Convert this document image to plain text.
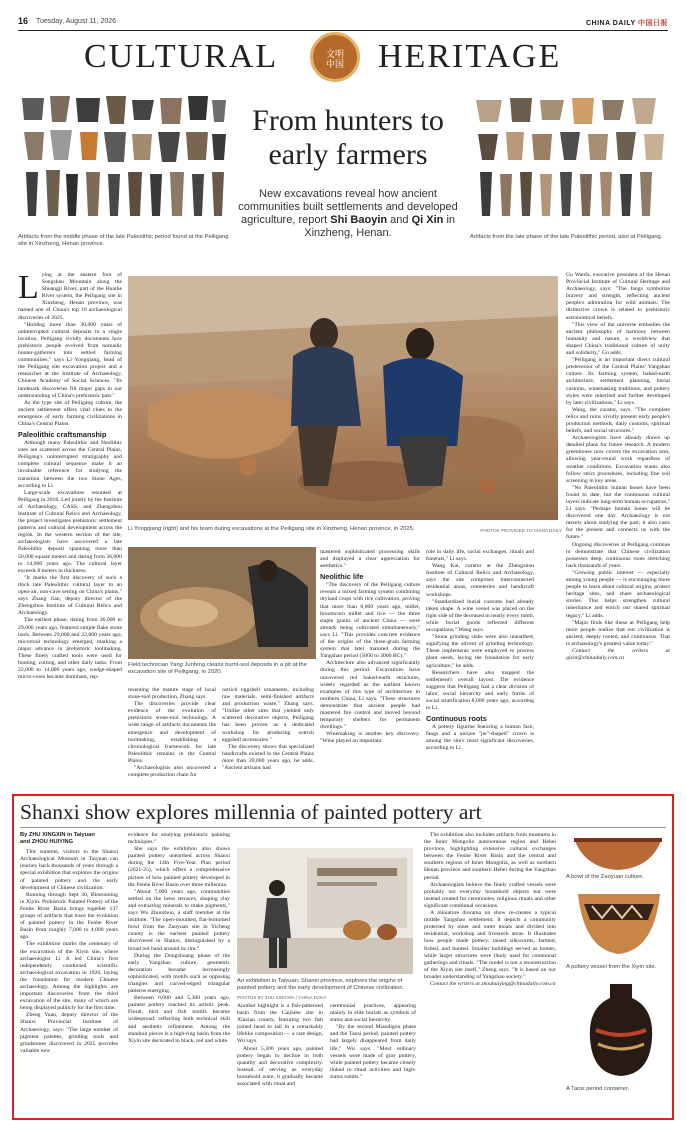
16 Tuesday, August 11, 2026	CHINA DAILY 中国日报
CULTURAL	文明
中国	HERITAGE
Artifacts from the middle phase of the late Paleolithic period found at the Peiligang site in Xinzheng, Henan province.
From hunters to early farmers
New excavations reveal how ancient communities built settlements and developed agriculture, report Shi Baoyin and Qi Xin in Xinzheng, Henan.	Artifacts from the late phase of the late Paleolithic period, also at Peiligang.
L ying at the eastern foot of Songshan Mountain along the Shuangji River, part of the Huaihe River system, the Peiligang site in Xinzheng, Henan province, was named one of China's top 10 archaeological discoveries of 2025.

"Holding more than 30,000 years of uninterrupted cultural deposits in a single location, Peiligang vividly documents how prehistoric people evolved from nomadic hunter-gatherers into settled farming communities," says Li Yongqiang, head of the Peiligang site excavation project and a researcher at the Institute of Archaeology, Chinese Academy of Social Sciences. "Its landmark discoveries fill major gaps in our understanding of China's prehistoric past."

As the type site of Peiligang culture, the ancient settlement offers vital clues to the emergence of early farming civilizations in China's Central Plains.

Paleolithic craftsmanship

Although many Paleolithic and Neolithic sites are scattered across the Central Plains, Peiligang's uninterrupted stratigraphy and complete cultural sequence make it an invaluable reference for studying the transition between the two Stone Ages, according to Li.

Large-scale excavations resumed at Peiligang in 2018. Led jointly by the Institute of Archaeology, CASS, and Zhengzhou Institute of Cultural Relics and Archaeology, the project investigates prehistoric settlement patterns and cultural development across the region. In the western section of the site, archaeologists have uncovered a late Paleolithic deposit spanning more than 50,000 square meters and dating from 36,000 to 14,000 years ago. The cultural layer exceeds 8 meters in thickness.

"It marks the first discovery of such a thick late Paleolithic cultural layer in an open-air, non-cave setting on China's plains," says Zhang Jian, deputy director of the Zhengzhou Institute of Cultural Relics and Archaeology.

The earliest phase, dating from 36,000 to 29,000 years ago, featured simple flake stone tools. Between 29,000 and 22,000 years ago, microtool technology emerged, marking a major advance in prehistoric toolmaking. These finely crafted tools were used for hunting, cutting, and other daily tasks. From 22,000 to 14,000 years ago, wedge-shaped micro-cores became dominant, rep-

Li Yongqiang (right) and his team during excavations at the Peiligang site in Xinzheng, Henan province, in 2025.	PHOTOS PROVIDED TO CHINA DAILY
Field technician Yang Junfeng cleans burnt-soil deposits in a pit at the excavation site of Peiligang, in 2020.

resenting the mature stage of local stone-tool production, Zhang says.

The discoveries provide clear evidence of the evolution of prehistoric stone-tool technology. A wide range of artifacts documents the emergence and development of toolmaking, establishing a chronological framework for late Paleolithic remains in the Central Plains.

"Archaeologists also uncovered a complete production chain for

ostrich eggshell ornaments, including raw materials, semi-finished artifacts and production waste," Zhang says. "Unlike other sites that yielded only scattered decorative objects, Peiligang has been proven as a dedicated workshop for producing ostrich eggshell accessories."

The discovery shows that specialized handicrafts existed in the Central Plains more than 20,000 years ago, he adds. "Ancient artisans had

mastered sophisticated processing skills and displayed a clear appreciation for aesthetics."

Neolithic life

"The discovery of the Peiligang culture reveals a mixed farming system combining dryland crops with rice cultivation, proving that more than 8,000 years ago, millet, broomcorn millet and rice — the three staple grains of ancient China — were already being cultivated simultaneously," says Li. "This provides concrete evidence of the origins of the three-grain farming system that later matured during the Yangshao period (5000 to 3000 BC)."

Architecture also advanced significantly during this period. Excavations have uncovered red baked-earth structures, widely regarded as the earliest known examples of this type of architecture in northern China, Li says. "These structures demonstrate that ancient people had mastered fire control and moved beyond temporary shelters for permanent dwellings."

Winemaking is another key discovery. "Wine played an important

role in daily life, social exchanges, rituals and funerals," Li says.

Wang Kai, curator at the Zhengzhou Institute of Cultural Relics and Archaeology, says the site comprises interconnected residential areas, cemeteries and handicraft workshops.

"Standardized burial customs had already taken shape. A wine vessel was placed on the right side of the deceased in nearly every tomb, while burial goods reflected different occupations," Wang says.

"Stone grinding slabs were also unearthed, signifying the advent of grinding technology. These implements were employed to process plant seeds, laying the foundation for early agriculture," he adds.

Researchers have also mapped the settlement's overall layout. The evidence suggests that Peiligang had a clear division of labor, social hierarchy and early forms of social stratification 8,000 years ago, according to Li.

Continuous roots

A pottery figurine featuring a human face, fangs and a unique "jie"-shaped" crown is among the site's most significant discoveries, according to Li.

Gu Wanfa, executive president of the Henan Provincial Institute of Cultural Heritage and Archaeology, says: "The fangs symbolize bravery and strength, reflecting ancient people's admiration for wild animals. The distinctive crown is related to prehistoric astronomical beliefs.

"This view of the universe embodies the ancient philosophy of harmony between humanity and nature, a worldview that shaped China's traditional culture of unity and solidarity," Gu adds.

"Peiligang is an important direct cultural predecessor of the Central Plains' Yangshao culture. Its farming system, baked-earth architecture, settlement planning, burial customs, winemaking traditions, and pottery styles were inherited and further developed by later civilizations," Li says.

Wang, the curator, says, "The complete relics and ruins vividly present early people's production methods, daily customs, spiritual beliefs, and social structures."

Archaeologists have already drawn up detailed plans for future research. A modern greenhouse now covers the excavation area, allowing year-round work regardless of weather conditions. Excavation teams also follow strict procedures, including fine soil screening in key areas.

"No Paleolithic human bones have been found to date, but the continuous cultural layers indicate long-term human occupation," Li says. "Perhaps human bones will be discovered one day. Archaeology is not merely about studying the past; it also casts for the present and connects us with the future."

Ongoing discoveries at Peiligang continue to demonstrate that Chinese civilization possesses deep, continuous roots stretching back thousands of years.

"Growing public interest — especially among young people — is encouraging more people to learn about cultural origins, protect heritage sites, and share archaeological stories. This helps strengthen cultural inheritance and enrich our shared spiritual legacy," Li adds.

"Major finds like those at Peiligang help more people realize that our civilization is ancient, deeply rooted, and continuous. That is archaeology's greatest value today."

Contact the writers at qixin@chinadaily.com.cn

Shanxi show explores millennia of painted pottery art

By ZHU XINGXIN in Taiyuan

and ZHOU HUIYING

This summer, visitors to the Shanxi Archaeological Museum in Taiyuan can journey back thousands of years through a special exhibition that explores the origins of painted pottery and the early development of Chinese civilization.

Running through Sept 30, Blossoming in Xiyin: Prehistoric Painted Pottery of the Fenhe River Basin brings together 137 groups of artifacts that trace the evolution of painted pottery in the Fenhe River Basin from roughly 7,000 to 4,000 years ago.

The exhibition marks the centenary of the excavation of the Xiyin site, where archaeologist Li Ji led China's first independently conducted scientific archaeological excavation in 1926, laying the foundation for modern Chinese archaeology. Among the highlights are important discoveries from the third excavation of the site, many of which are being displayed publicly for the first time.

Zheng Yuan, deputy director of the Shanxi Provincial Institute of Archaeology, says: "The large number of pigment palettes, grinding tools and grindstones discovered in 2025 provides valuable new

evidence for studying prehistoric painting techniques."

She says the exhibition also shows painted pottery unearthed across Shanxi during the 14th Five-Year Plan period (2021-25), which offers a comprehensive picture of how painted pottery developed in the Fenhe River Basin over three millennia.

"About 7,000 years ago, communities settled on the loess terraces, shaping clay and extracting minerals to make pigments," says Wu Zhuozhuo, a staff member at the institute. "The open-mouthed, flat-bottomed bowl from the Zaoyuan site in Yicheng county is the earliest painted pottery discovered in Shanxi, distinguished by a broad red band around its rim."

During the Dongzhuang phase of the early Yangshao culture, geometric decoration became increasingly sophisticated, with motifs such as opposing triangles and curved-edged triangular patterns emerging.

Between 6,000 and 5,300 years ago, painted pottery reached its artistic peak. Floral, bird and fish motifs became widespread, reflecting both technical skill and aesthetic refinement. Among the standout pieces is a high-ring basin from the Xiyin site decorated in black, red and white.

An exhibition in Taiyuan, Shanxi province, explores the origins of painted pottery and the early development of Chinese civilization.
PHOTOS BY ZHU XINGXIN / CHINA DAILY

Another highlight is a fish-patterned basin from the Caijiahe site in Xiaxian county, featuring two fish joined head to tail in a remarkably lifelike composition — a rare design, Wu says.

About 5,300 years ago, painted pottery began to decline in both quantity and decorative complexity. Instead of serving as everyday household ware, it gradually became associated with ritual and

ceremonial practices, appearing mainly in elite burials as symbols of status and social hierarchy.

"By the second Miaodigou phase and the Taosi period, painted pottery had largely disappeared from daily life," Wu says. "Most ordinary vessels were made of gray pottery, while painted pottery became closely linked to ritual activities and high-status tombs."

The exhibition also includes artifacts from museums in the Inner Mongolia autonomous region and Hebei province, highlighting extensive cultural exchanges between the Fenhe River Basin and the central and southern regions of Inner Mongolia, as well as northern Henan province and southern Hebei during the Yangshao period.

Archaeologists believe the finely crafted vessels were probably not everyday household objects but were instead created for ceremonies, religious rituals and other significant communal occasions.

A miniature diorama on show re-creates a typical middle Yangshao settlement. It depicts a community protected by inner and outer moats and divided into residential, workshop and livestock areas. It illustrates how people made pottery, raised silkworms, farmed, fished, and hunted. Smaller buildings served as homes, while larger structures were likely used for communal gatherings and rituals. "The model is not a reconstruction of the Xiyin site itself," Zheng says. "It is based on our broader understanding of Yangshao society."

Contact the writers at zhouhuiying@chinadaily.com.cn

A bowl of the Zaoyuan culture.
A pottery vessel from the Xiyin site.
A Taosi period container.
